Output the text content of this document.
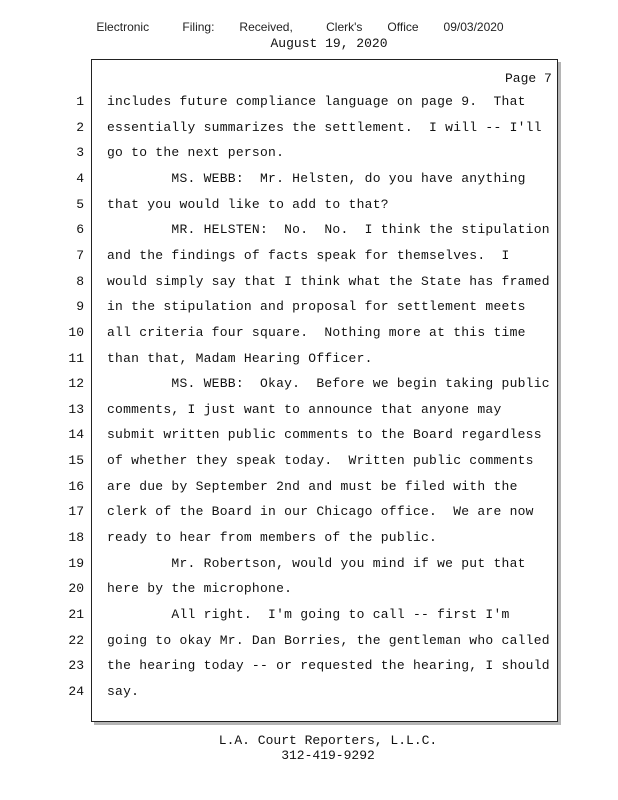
Electronic    Filing:   Received,    Clerk's   Office   09/03/2020
August 19, 2020
Page 7
1 includes future compliance language on page 9.  That
2 essentially summarizes the settlement.  I will -- I'll
3 go to the next person.
4 MS. WEBB:  Mr. Helsten, do you have anything
5 that you would like to add to that?
6 MR. HELSTEN:  No.  No.  I think the stipulation
7 and the findings of facts speak for themselves.  I
8 would simply say that I think what the State has framed
9 in the stipulation and proposal for settlement meets
10 all criteria four square.  Nothing more at this time
11 than that, Madam Hearing Officer.
12 MS. WEBB:  Okay.  Before we begin taking public
13 comments, I just want to announce that anyone may
14 submit written public comments to the Board regardless
15 of whether they speak today.  Written public comments
16 are due by September 2nd and must be filed with the
17 clerk of the Board in our Chicago office.  We are now
18 ready to hear from members of the public.
19 Mr. Robertson, would you mind if we put that
20 here by the microphone.
21 All right.  I'm going to call -- first I'm
22 going to okay Mr. Dan Borries, the gentleman who called
23 the hearing today -- or requested the hearing, I should
24 say.
L.A. Court Reporters, L.L.C.
312-419-9292
